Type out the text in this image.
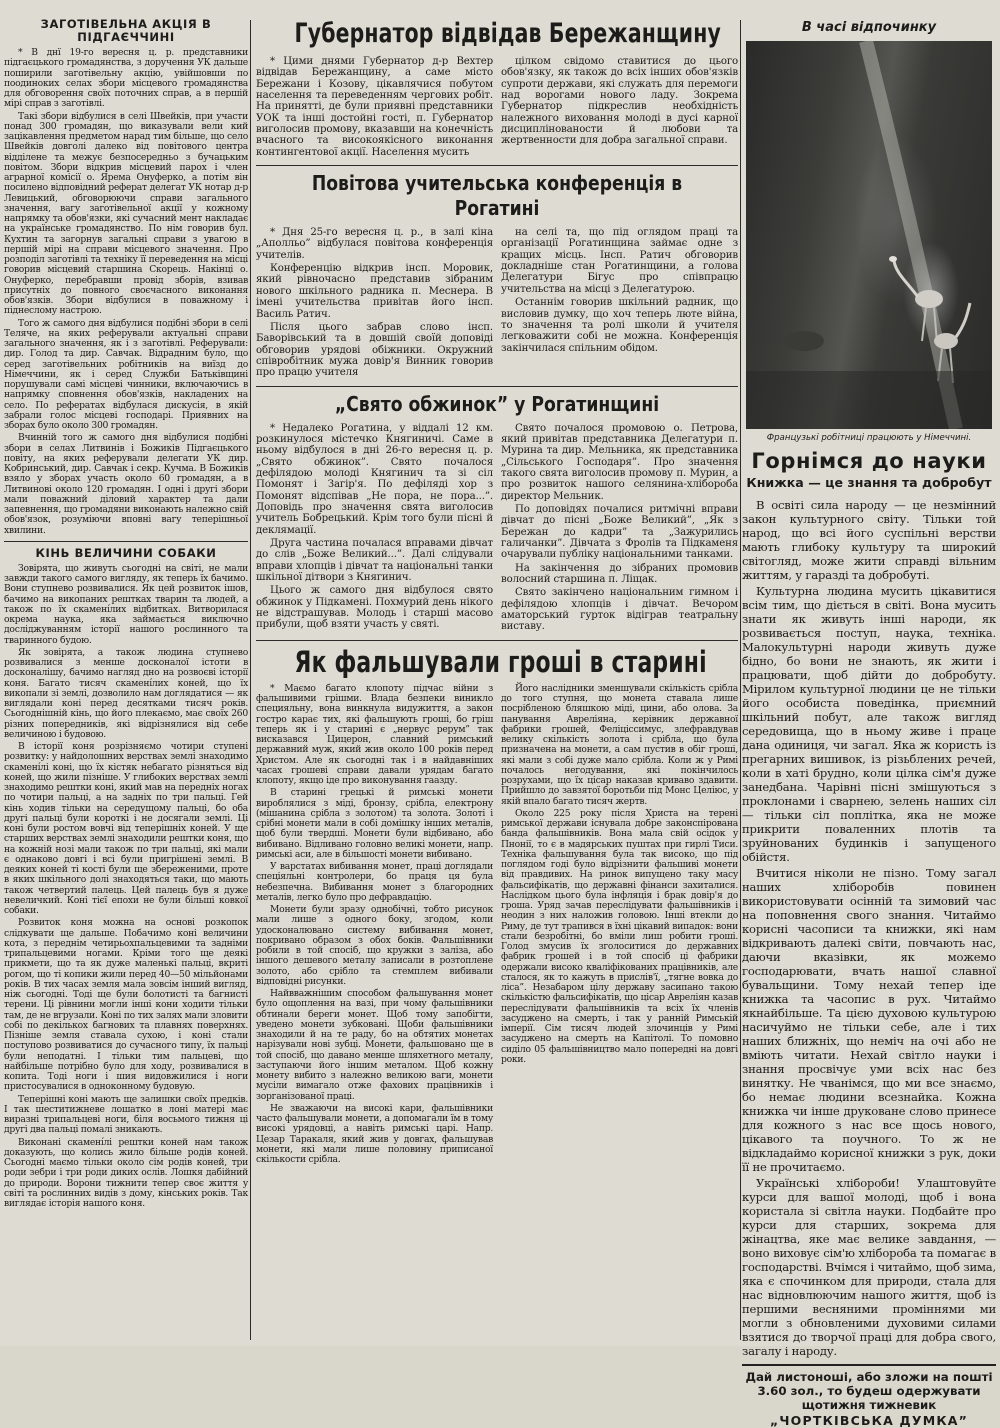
ЗАГОТІВЕЛЬНА АКЦІЯ В ПІДГАЄЧЧИНІ

* В днї 19-го вересня ц. р. представники підгаєцького громадянства, з доручення УК дальше поширили заготівельну акцію, увійшовши по поодиноких селах збори місцевого громадянства для обговорення своїх поточних справ, а в першій мірі справ з заготівлі.

Такі збори відбулися в селі Швейків, при участи понад 300 громадян, що виказували вели кий зацікавлення предметом нарад тим більше, що село Швейків довголі далеко від повітового центра відділене та межує безпосередньо з бучацьким повітом. Збори відкрив місцевий парох і член аграрної комісії о. Ярема Онуферко, а потім він посилено відповідний реферат делегат УК нотар д-р Левицький, обговорюючи справи загального значення, вагу заготівельної акції у кожному напрямку та обов'язки, які сучасний мент накладає на українське громадянство. По нім говорив бул. Кухтин та загорнув загальні справи з увагою в першій мірі на справи місцевого значення. Про розподіл заготівлі та техніку її переведення на місці говорив місцевий старшина Скорець. Накінці о. Онуферко, перебравши провід зборів, взивав присутніх до повного своєчасного виконання обов'язків. Збори відбулися в поважному і піднеслому настрою.

Того ж самого дня відбулися подібні збори в селі Теляче, на яких реферували актуальні справи загального значення, як і з заготівлі. Реферували: дир. Голод та дир. Савчак. Відрадним було, що серед заготівельних робітників на виїзд до Німеччини, як і серед Служби Батьківщині порушували самі місцеві чинники, включаючись в напрямку сповнення обов'язків, накладених на село. По рефератах відбулася дискусія, в якій забрали голос місцеві господарі. Приявних на зборах було около 300 громадян.

Вчинній того ж самого дня відбулися подібні збори в селах Литвинів і Божиків Підгаєцького повіту, на яких реферували делегати УК дир. Кобринський, дир. Савчак і секр. Кучма. В Божиків взяло у зборах участь около 60 громадян, а в Литвиновi около 120 громадян. І одні і другі збори мали поважний діловий характер та дали запевнення, що громадяни виконають належно свій обов'язок, розуміючи вповні вагу теперішньої хвилини.

КІНЬ ВЕЛИЧИНИ СОБАКИ

Зовірята, що живуть сьогодні на світі, не мали завжди такого самого вигляду, як теперь їх бачимо. Вони ступнево розвивалися. Як цей розвиток ішов, бачимо на викопаних рештках тварин та людей, а також по їх скамені́лих відбитках. Витворилася окрема наука, яка займається виключно досліджуванням історії нашого рослинного та тваринного будою.

Як зовірята, а також людина ступнево розвивалися з менше досконалої істоти в досконалішу, бачимо нагляд дно на розвоєві історії коня. Багато тисяч скамені́лих коней, що їх викопали зі землі, дозволило нам доглядатися — як виглядали коні перед десятками тисяч років. Сьогоднішній кінь, що його плекаємо, має своїх 260 різних попередників, які відрізнялися від себе величиною і будовою.

В історії коня розрізняємо чотири ступені розвитку: у найдолошних верствах землі знаходимо скамені́лі коні, що їх кістяк небагато різняться від коней, що жили пізніше. У глибоких верствах землі знаходимо рештки коні, який мав на передніх ногах по чотири пальці, а на задніх по три пальці. Гей кінь ходив тільки на середущому пальці, бо оба другі пальці були короткі і не досягали землі. Ці коні були ростом вовчі від теперішніх коней. У ще старших верствах землі знаходили рештки коня, що на кожній нозі мали також по три пальці, які мали є однаково довгі і всі були пригрішені землі. В деяких коней ті кості були ще збереженими, проте в яких шкільного долі знаходяться таки, що мають також четвертий палець. Цей палець був я дуже невеличкий. Коні тієї епохи не були більші ковкої собаки.

Розвиток коня можна на основі розкопок слідкувати ще дальше. Побачимо коні величини кота, з переднім четирьохпальцевими та задніми трипальцевими ногами. Кріми того ще деякі прикмети, що та як дуже маленькі пальці, вкриті рогом, що ті копики жили перед 40—50 мільйонами років. В тих часах земля мала зовсім інший вигляд, ніж сьогодні. Тоді ще були болотисті та багнисті терени. Ці рівнини могли інші кони ходити тільки там, де не вгрузали. Коні по тих залях мали зловити собі по декількох багнових та плавнях поверхнях. Пізніше земля ставала сухою, і коні стали поступово розвиватися до сучасного типу, їх пальці були неподатні. І тільки тим пальцеві, що найбільше потрібно було для ходу, розвивалися в копита. Тоді ноги і шия видовжилися і ноги пристосувалися в одноконному будовую.

Теперішні коні мають ще залишки своїх предків. І так шеститижневе лошатко в лоні матері має виразні трипальцеві ноги, біля восьмого тижня ці другі два пальці помалі зникають.

Виконані скамені́лі рештки коней нам також доказують, що колись жило більше родів коней. Сьогодні маємо тільки около сім родів коней, три роди зебри і три роди диких ослів. Лошкя дабійний до природи. Ворони тижнити тепер своє життя у світі та рослинних видів з дому, кінських років. Так виглядає історія нашого коня.

Губернатор відвідав Бережанщину

* Цими днями Губернатор д-р Вехтер відвідав Бережанщину, а саме місто Бережани і Козову, цікавлячися побутом населення та переведенням чергових робіт. На принятті, де були приявні представники УОК та інші достойні гості, п. Губернатор виголосив промову, вказавши на конечність вчасного та високоякісного виконання контингентової акції. Населення мусить

цілком свідомо ставитися до цього обов'язку, як також до всіх інших обов'язків супроти держави, які служать для перемоги над ворогами нового ладу. Зокрема Губернатор підкреслив необхідність належного виховання молоді в дусі карної дисциплінованости й любови та жертвенности для добра загальної справи.

Повітова учительська конференція в Рогатині

* Дня 25-го вересня ц. р., в залі кіна „Аполльо” відбулася повітова конференція учителів.

Конференцію відкрив інсп. Моровик, який рівночасно представив зібраним нового шкільного радника п. Меснера. В імені учительства привітав його інсп. Василь Ратич.

Після цього забрав слово інсп. Баворівський та в довшій своїй доповіді обговорив урядові обіжники. Окружний співробітник мужа довір'я Винник говорив про працю учителя

на селі та, що під оглядом праці та організації Рогатинщина займає одне з кращих місць. Інсп. Ратич обговорив докладніше стан Рогатинщини, а голова Делегатури Бігус про співпрацю учительства на місці з Делегатурою.

Останнім говорив шкільний радник, що висловив думку, що хоч теперь люте війна, то значення та ролі школи й учителя легковажити собі не можна. Конференція закінчилася спільним обідом.

„Свято обжинок” у Рогатинщині

* Недалеко Рогатина, у віддалі 12 км. розкинулося містечко Княгиничі. Саме в ньому відбулося в дні 26-го вересня ц. р. „Свято обжинок”. Свято почалося дефілядою молоді Княгинич та зі сіл Помонят і Загір'я. По дефіляді хор з Помонят відспівав „Не пора, не пора...”. Доповідь про значення свята виголосив учитель Бобрецький. Крім того були пісні й деклямації.

Друга частина почалася вправами дівчат до слів „Боже Великий...”. Далі слідували вправи хлопців і дівчат та національні танки шкільної дітвори з Княгинич.

Цього ж самого дня відбулося свято обжинок у Підкамені. Похмурий день нікого не відстрашував. Молодь і старші масово прибули, щоб взяти участь у святі.

Свято почалося промовою о. Петрова, який привітав представника Делегатури п. Мурина та дир. Мельника, як представника „Сільського Господаря”. Про значення такого свята виголосив промову п. Мурин, а про розвиток нашого селянина-хлібороба директор Мельник.

По доповідях почалися ритмічні вправи дівчат до пісні „Боже Великий”, „Як з Бережан до кадри” та „Зажурились галичанки”. Дівчата з Фролів та Підкаменя очарували публіку національними танками.

На закінчення до зібраних промовив волосний старшина п. Ліщак.

Свято закінчено національним гимном і дефілядою хлопців і дівчат. Вечором аматорський гурток відіграв театральну виставу.

Як фальшували гроші в старині

* Маємо багато клопоту підчас війни з фальшивими грішми. Влада безпеки виникло специяльну, вона винкнула видужиття, а закон гостро карає тих, які фальшують гроші, бо гріш теперь як і у старині є „нервус рерум” так висказався Цицерон, славний римський державний муж, який жив около 100 років перед Христом. Але як сьогодні так і в найдавніших часах грошеві справи давали урядам багато клопоту, якщо іде про виконування гаазду.

В старині грецькі й римські монети вироблялися з міді, бронзу, срібла, електрону (мішанина срібла з золотом) та золота. Золоті і срібні монети мали в собі домішку інших металів, щоб були твердші. Монети були відбивано, або вибивано. Відливано головно великі монети, напр. римські аси, але в більшості монети вибивано.

У варстатах вибивання монет, праці доглядали спеціяльні контролери, бо праця ця була небезпечна. Вибивання монет з благородних металів, легко було про дефравдацію.

Монети були зразу однобічні, тобто рисунок мали лише з одного боку, згодом, коли удосконалювано систему вибивання монет, покривано образом з обох боків. Фальшівники робили в той спосіб, що кружки з заліза, або іншого дешевого металу записали в розтоплене золото, або срібло та стемплем вибивали відповідні рисунки.

Найвважнішим способом фальшування монет було ощоплення на вазі, при чому фальшівники обтинали береги монет. Щоб тому запобігти, уведено монети зубковані. Щоби фальшівники знаходили й на те раду, бо на обтятих монетах нарізували нові зубці. Монети, фальшовано ще в той спосіб, що давано менше шляхетного металу, заступаючи його іншим металом. Щоб кожну монету вибито з належно великою ваги, монети мусіли вимагало отже фахових працівників і зорганізованої праці.

Не зважаючи на високі кари, фальшівники часто фальшували монети, а допомагали їм в тому високі урядовці, а навіть римські царі. Напр. Цезар Таракаля, який жив у довгах, фальшував монети, які мали лише половину приписаної скількости срібла.

Його наслідники зменшували скількість срібла до того ступня, що монета ставала лише посрібленою бляшкою міді, цини, або олова. За панування Авреліяна, керівник державної фабрики грошей, Феліціссимус, злефравдував велику скількість золота і срібла, що була призначена на монети, а сам пустив в обіг гроші, які мали з собі дуже мало срібла. Коли ж у Римі почалось негодування, які покінчилось розрухами, що їх цісар наказав криваво здавити. Прийшло до завзятої боротьби під Монс Целіюс, у якій впало багато тисяч жертв.

Около 225 року після Христа на терені римської держави існувала добре законспірована банда фальшівників. Вона мала свій осідок у Пнонії, то є в мадярських пуштах при гирлі Тиси. Техніка фальшування була так високо, що під поглядом годі було відрізнити фальшиві монети від правдивих. На ринок випущено таку масу фальсифікатів, що державні фінанси захиталися. Наслідком цього була інфляція і брак довір'я до гроша. Уряд зачав переслідувати фальшівників і неодин з них наложив головою. Інші втекли до Риму, де тут трапився в їхні цікавий випадок: вони стали безробітні, бо вміли лиш робити гроші. Голод змусив їх зголоситися до державних фабрик грошей і в той спосіб ці фабрики одержали високо кваліфікованих працівників, але сталося, як то кажуть в прислів'ї, „тягне вовка до ліса”. Незабаром цілу державу засипано такою скількістю фальсифікатів, що цісар Авреліян казав переслідувати фальшівників та всіх їх членів засуджено на смерть, і так у ранній Римській імперії. Сім тисяч людей злочинців у Римі засуджено на смерть на Капітолі. То помовно сиділо 05 фальшівництво мало попередні на довгі роки.

В часі відпочинку
Французькі робітниці працюють у Німеччині.
Горнімся до науки
Книжка — це знання та добробут

В освіті сила народу — це незмінний закон культурного світу. Тільки той народ, що всі його суспільні верстви мають глибоку культуру та широкий світогляд, може жити справді вільним життям, у гаразді та добробуті.

Культурна людина мусить цікавитися всім тим, що діється в світі. Вона мусить знати як живуть інші народи, як розвивається поступ, наука, техніка. Малокультурні народи живуть дуже бідно, бо вони не знають, як жити і працювати, щоб дійти до добробуту. Мірилом культурної людини це не тільки його особиста поведінка, приємний шкільний побут, але також вигляд середовища, що в ньому живе і праце дана одиниця, чи загал. Яка ж користь із прегарних вишивок, із різьблених речей, коли в хаті брудно, коли цілка сім'я дуже занедбана. Чарівні пісні змішуються з проклонами і сварнею, зелень наших сіл — тільки сіл поплітка, яка не може прикрити поваленних плотів та зруйнованих будинків і запущеного обійстя.

Вчитися ніколи не пізно. Тому загал наших хліборобів повинен використовувати осінній та зимовий час на поповнення свого знання. Читаймо корисні часописи та книжки, які нам відкривають далекі світи, повчають нас, даючи вказівки, як можемо господарювати, вчать нашої славної бувальщини. Тому нехай тепер іде книжка та часопис в рух. Читаймо якнайбільше. Та цією духовою культурою насичуймо не тільки себе, але і тих наших ближніх, що неміч на очі або не вміють читати. Нехай світло науки і знання просвічує уми всіх нас без винятку. Не чванімся, що ми все знаємо, бо немає людини всезнайка. Кожна книжка чи інше друковане слово принесе для кожного з нас все щось нового, цікавого та поучного. То ж не відкладаймо корисної книжки з рук, доки її не прочитаємо.

Українські хлібороби! Улаштовуйте курси для вашої молоді, щоб і вона користала зі світла науки. Подбайте про курси для старших, зокрема для жінацтва, яке має велике завдання, — воно виховує сім'ю хлібороба та помагає в господарстві. Вчімся і читаймо, щоб зима, яка є спочинком для природи, стала для нас відновлюючим нашого життя, щоб із першими весняними проміннями ми могли з обновленими духовими силами взятися до творчої праці для добра свого, загалу і народу.

Дай листоноші, або зложи на пошті 3.60 зол., то будеш одержувати щотижня тижневик
„ЧОРТКІВСЬКА ДУМКА”
